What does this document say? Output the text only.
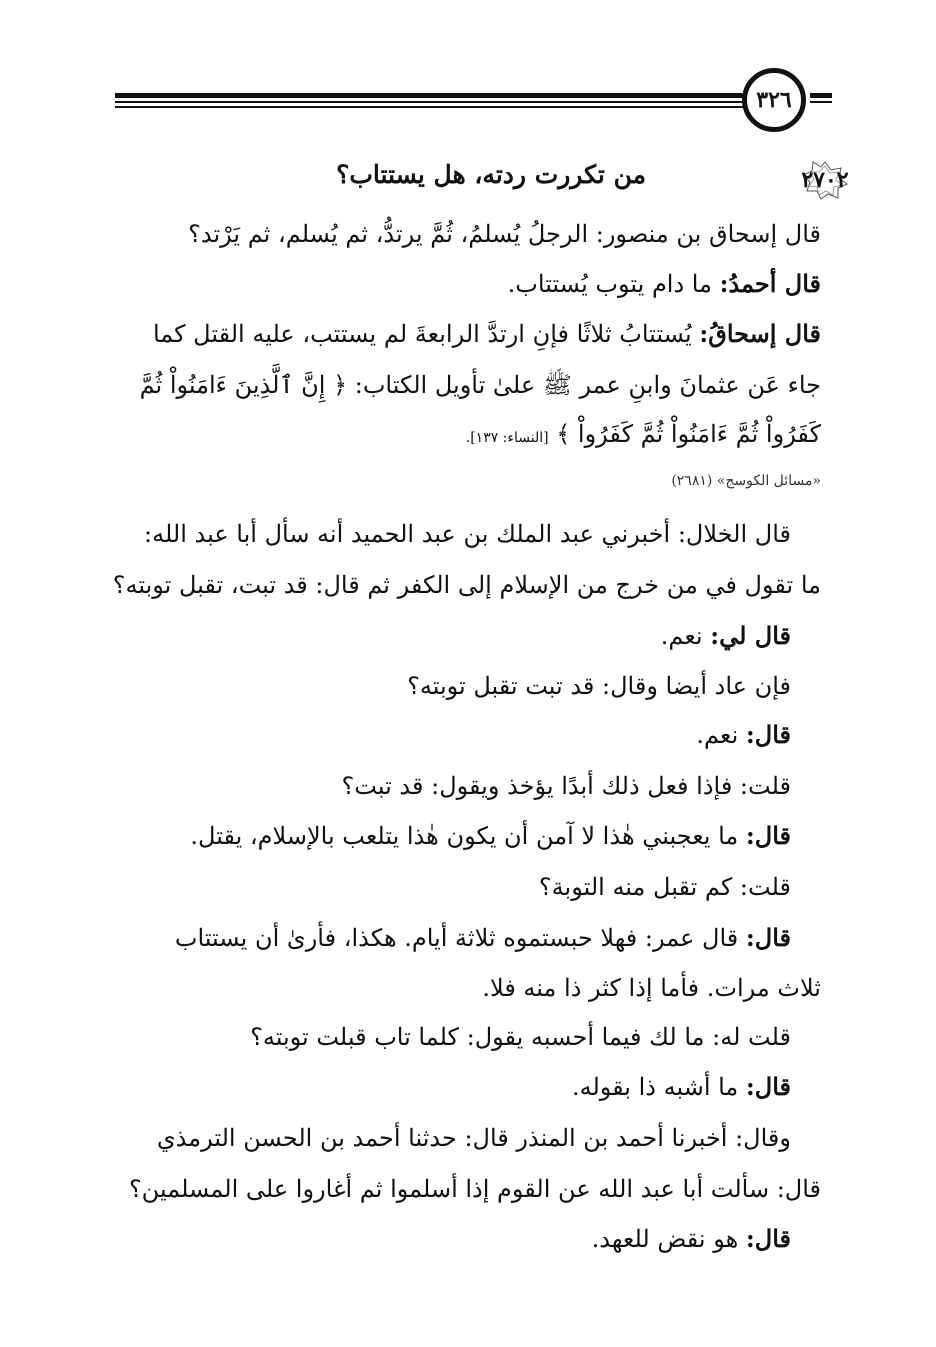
٣٢٦
٢٧٠٢
من تكررت ردته، هل يستتاب؟
قال إسحاق بن منصور: الرجلُ يُسلمُ، ثُمَّ يرتدُّ، ثم يُسلم، ثم يَرْتد؟
قال أحمدُ: ما دام يتوب يُستتاب.
قال إسحاقُ: يُستتابُ ثلاثًا فإنِ ارتدَّ الرابعةَ لم يستتب، عليه القتل كما
جاء عَن عثمانَ وابنِ عمر ﷺ علىٰ تأويل الكتاب: ﴿ إِنَّ ٱلَّذِينَ ءَامَنُواْ ثُمَّ
كَفَرُواْ ثُمَّ ءَامَنُواْ ثُمَّ كَفَرُواْ ﴾ [النساء: ١٣٧].
«مسائل الكوسج» (٢٦٨١)
قال الخلال: أخبرني عبد الملك بن عبد الحميد أنه سأل أبا عبد الله:
ما تقول في من خرج من الإسلام إلى الكفر ثم قال: قد تبت، تقبل توبته؟
قال لي: نعم.
فإن عاد أيضا وقال: قد تبت تقبل توبته؟
قال: نعم.
قلت: فإذا فعل ذلك أبدًا يؤخذ ويقول: قد تبت؟
قال: ما يعجبني هٰذا لا آمن أن يكون هٰذا يتلعب بالإسلام، يقتل.
قلت: كم تقبل منه التوبة؟
قال: قال عمر: فهلا حبستموه ثلاثة أيام. هكذا، فأرىٰ أن يستتاب
ثلاث مرات. فأما إذا كثر ذا منه فلا.
قلت له: ما لك فيما أحسبه يقول: كلما تاب قبلت توبته؟
قال: ما أشبه ذا بقوله.
وقال: أخبرنا أحمد بن المنذر قال: حدثنا أحمد بن الحسن الترمذي
قال: سألت أبا عبد الله عن القوم إذا أسلموا ثم أغاروا على المسلمين؟
قال: هو نقض للعهد.
